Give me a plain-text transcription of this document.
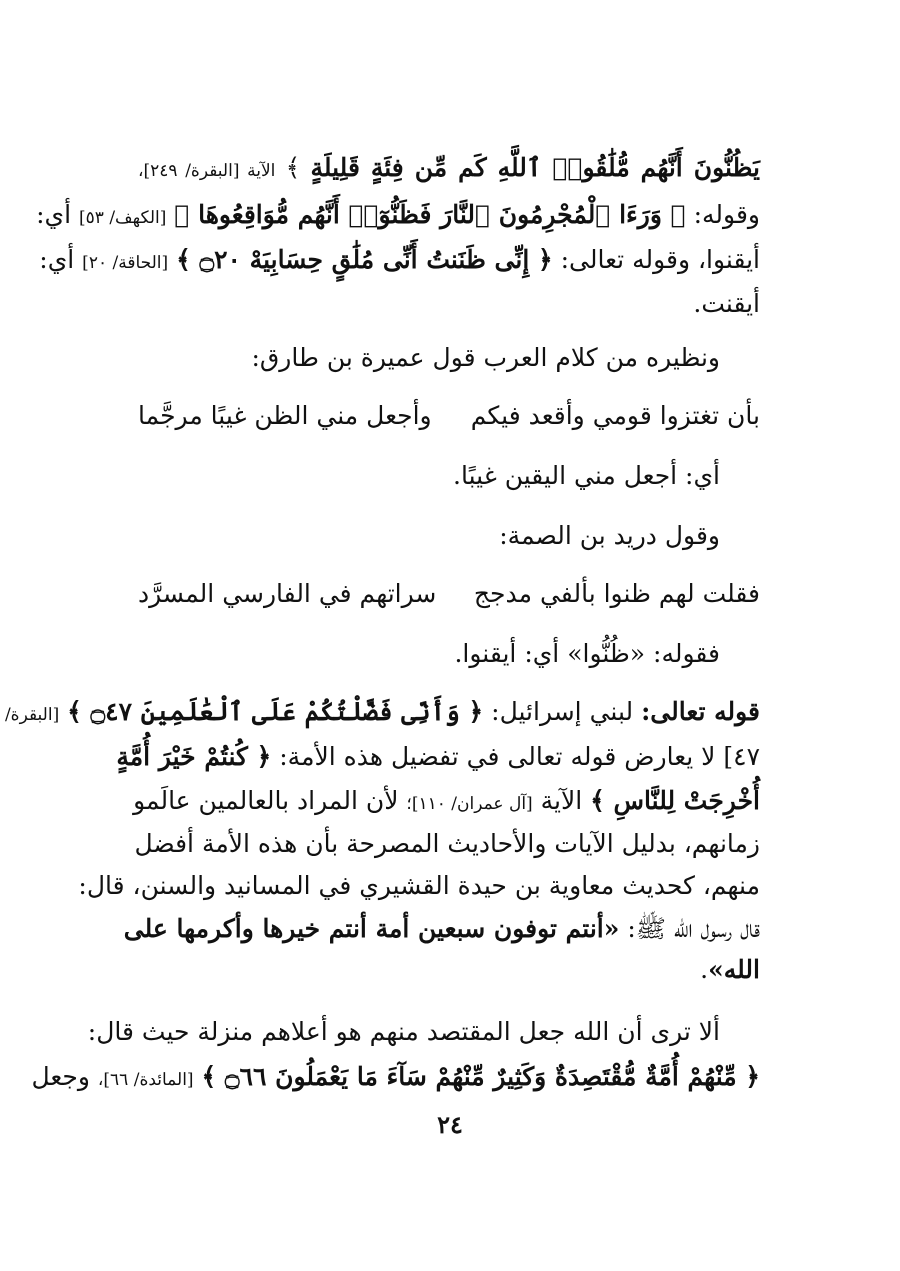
يَظُنُّونَ أَنَّهُم مُّلَٰقُوا۟ ٱللَّهِ كَم مِّن فِئَةٍ قَلِيلَةٍ ﴾ الآية [البقرة/ ٢٤٩]،
وقوله: ﴿ وَرَءَا ٱلْمُجْرِمُونَ ٱلنَّارَ فَظَنُّوٓا۟ أَنَّهُم مُّوَاقِعُوهَا ﴾ [الكهف/ ٥٣] أي:
أيقنوا، وقوله تعالى: ﴿ إِنِّى ظَنَنتُ أَنِّى مُلَٰقٍ حِسَابِيَهْ ۝٢٠ ﴾ [الحاقة/ ٢٠] أي:
أيقنت.
ونظيره من كلام العرب قول عميرة بن طارق:
بأن تغتزوا قومي وأقعد فيكم
وأجعل مني الظن غيبًا مرجَّما
أي: أجعل مني اليقين غيبًا.
وقول دريد بن الصمة:
فقلت لهم ظنوا بألفي مدجج
سراتهم في الفارسي المسرَّد
فقوله: «ظُنُّوا» أي: أيقنوا.
قوله تعالى: لبني إسرائيل: ﴿ وَأَنِّى فَضَّلْتُكُمْ عَلَى ٱلْعَٰلَمِينَ ۝٤٧ ﴾ [البقرة/
٤٧] لا يعارض قوله تعالى في تفضيل هذه الأمة: ﴿ كُنتُمْ خَيْرَ أُمَّةٍ
أُخْرِجَتْ لِلنَّاسِ ﴾ الآية [آل عمران/ ١١٠]؛ لأن المراد بالعالمين عالَمو
زمانهم، بدليل الآيات والأحاديث المصرحة بأن هذه الأمة أفضل
منهم، كحديث معاوية بن حيدة القشيري في المسانيد والسنن، قال:
قال رسول الله ﷺ: «أنتم توفون سبعين أمة أنتم خيرها وأكرمها على
الله».
ألا ترى أن الله جعل المقتصد منهم هو أعلاهم منزلة حيث قال:
﴿ مِّنْهُمْ أُمَّةٌ مُّقْتَصِدَةٌ وَكَثِيرٌ مِّنْهُمْ سَآءَ مَا يَعْمَلُونَ ۝٦٦ ﴾ [المائدة/ ٦٦]، وجعل
٢٤
